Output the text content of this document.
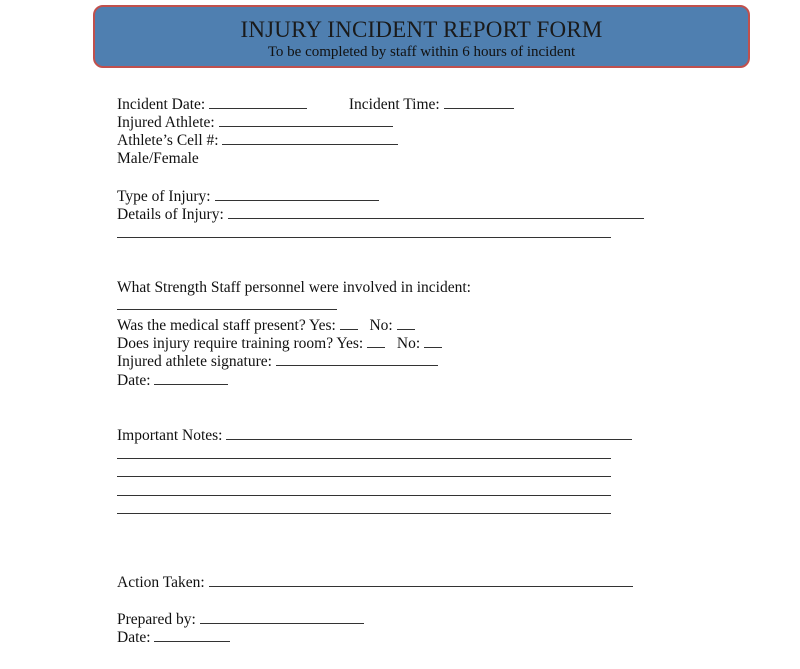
INJURY INCIDENT REPORT FORM
To be completed by staff within 6 hours of incident
Incident Date:	Incident Time:
Injured Athlete:
Athlete’s Cell #:
Male/Female
Type of Injury:
Details of Injury:
What Strength Staff personnel were involved in incident:
Was the medical staff present? Yes: No:
Does injury require training room? Yes: No:
Injured athlete signature:
Date:
Important Notes:
Action Taken:
Prepared by:
Date:
